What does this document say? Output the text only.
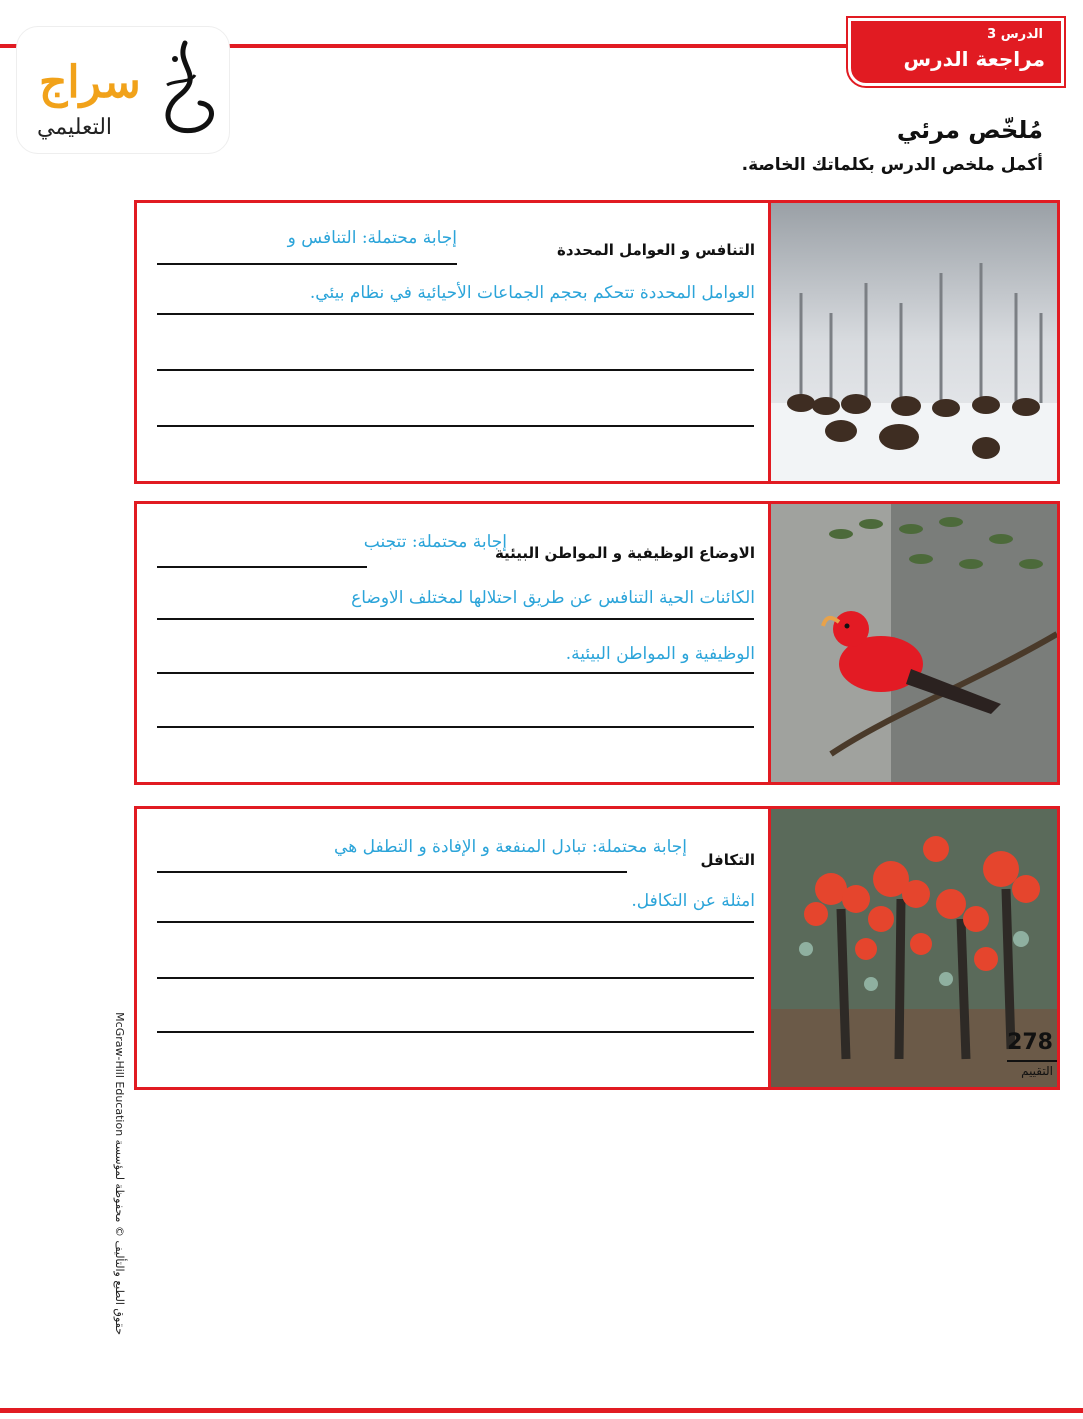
الدرس 3
مراجعة الدرس
سراج
التعليمي	مُلخّص مرئي
أكمل ملخص الدرس بكلماتك الخاصة.
التنافس و العوامل المحددة
إجابة محتملة: التنافس و
العوامل المحددة تتحكم بحجم الجماعات الأحيائية في نظام بيئي.
الاوضاع الوظيفية و المواطن البيئية
إجابة محتملة: تتجنب
الكائنات الحية التنافس عن طريق احتلالها لمختلف الاوضاع
الوظيفية و المواطن البيئية.
التكافل
إجابة محتملة: تبادل المنفعة و الإفادة و التطفل هي
امثلة عن التكافل.
حقوق الطبع والتأليف © محفوظة لمؤسسة McGraw-Hill Education
278
التقييم
